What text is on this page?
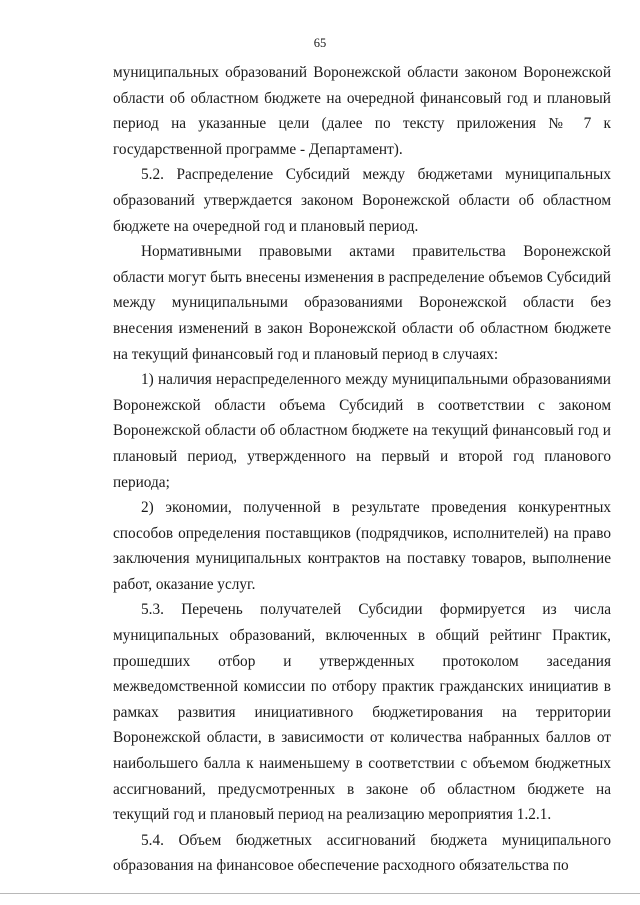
65

муниципальных образований Воронежской области законом Воронежской области об областном бюджете на очередной финансовый год и плановый период на указанные цели (далее по тексту приложения № 7 к государственной программе - Департамент).

5.2. Распределение Субсидий между бюджетами муниципальных образований утверждается законом Воронежской области об областном бюджете на очередной год и плановый период.

Нормативными правовыми актами правительства Воронежской области могут быть внесены изменения в распределение объемов Субсидий между муниципальными образованиями Воронежской области без внесения изменений в закон Воронежской области об областном бюджете на текущий финансовый год и плановый период в случаях:

1) наличия нераспределенного между муниципальными образованиями Воронежской области объема Субсидий в соответствии с законом Воронежской области об областном бюджете на текущий финансовый год и плановый период, утвержденного на первый и второй год планового периода;

2) экономии, полученной в результате проведения конкурентных способов определения поставщиков (подрядчиков, исполнителей) на право заключения муниципальных контрактов на поставку товаров, выполнение работ, оказание услуг.

5.3. Перечень получателей Субсидии формируется из числа муниципальных образований, включенных в общий рейтинг Практик, прошедших отбор и утвержденных протоколом заседания межведомственной комиссии по отбору практик гражданских инициатив в рамках развития инициативного бюджетирования на территории Воронежской области, в зависимости от количества набранных баллов от наибольшего балла к наименьшему в соответствии с объемом бюджетных ассигнований, предусмотренных в законе об областном бюджете на текущий год и плановый период на реализацию мероприятия 1.2.1.

5.4. Объем бюджетных ассигнований бюджета муниципального образования на финансовое обеспечение расходного обязательства по
